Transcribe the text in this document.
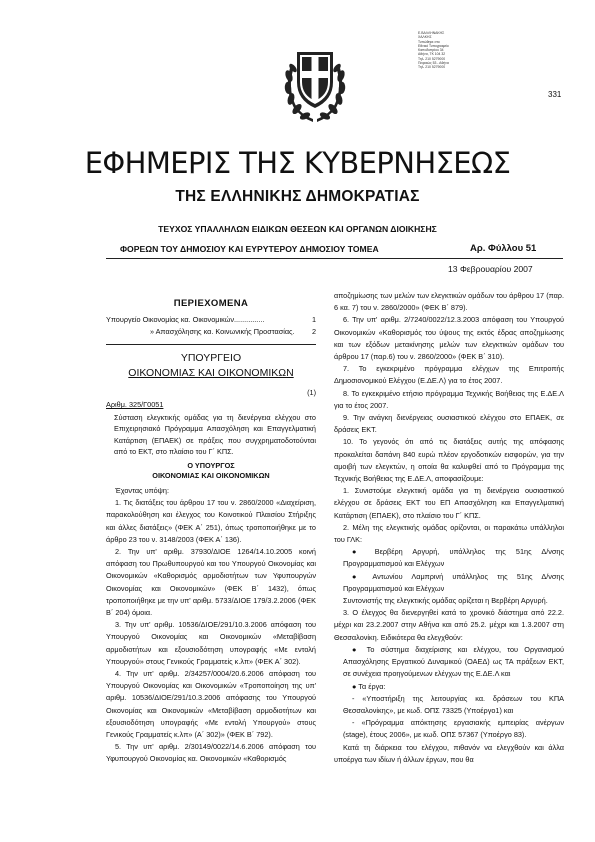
Ε.ΒΑΛΛΗΝΑΚΗΣ
ΧΑΛΚΗΣ
Τυπώθηκε στο
Εθνικό Τυπογραφείο
Καποδιστρίου 34
Αθήνα, ΤΚ 104 32
Τηλ. 210 5279000
Πειραιώς 53 - Αθήνα
Τηλ. 210 5279000
331
ΕΦΗΜΕΡΙΣ ΤΗΣ ΚΥΒΕΡΝΗΣΕΩΣ
ΤΗΣ ΕΛΛΗΝΙΚΗΣ ΔΗΜΟΚΡΑΤΙΑΣ
ΤΕΥΧΟΣ ΥΠΑΛΛΗΛΩΝ ΕΙΔΙΚΩΝ ΘΕΣΕΩΝ ΚΑΙ ΟΡΓΑΝΩΝ ΔΙΟΙΚΗΣΗΣ
ΦΟΡΕΩΝ ΤΟΥ ΔΗΜΟΣΙΟΥ ΚΑΙ ΕΥΡΥΤΕΡΟΥ ΔΗΜΟΣΙΟΥ ΤΟΜΕΑ	Αρ. Φύλλου 51
13 Φεβρουαρίου 2007
ΠΕΡΙΕΧΟΜΕΝΑ
Υπουργείο Οικονομίας κα. Οικονομικών ...............	1
» Απασχόλησης κα. Κοινωνικής Προστασίας .	2
ΥΠΟΥΡΓΕΙΟ
ΟΙΚΟΝΟΜΙΑΣ ΚΑΙ ΟΙΚΟΝΟΜΙΚΩΝ
(1)
Αριθμ. 325/Γ0051

Σύσταση ελεγκτικής ομάδας για τη διενέργεια ελέγχου στο Επιχειρησιακό Πρόγραμμα Απασχόληση και Επαγγελματική Κατάρτιση (ΕΠΑΕΚ) σε πράξεις που συγχρηματοδοτούνται από το ΕΚΤ, στο πλαίσιο του Γ΄ ΚΠΣ.

Ο ΥΠΟΥΡΓΟΣ
ΟΙΚΟΝΟΜΙΑΣ ΚΑΙ ΟΙΚΟΝΟΜΙΚΩΝ

Έχοντας υπόψη:

1. Τις διατάξεις του άρθρου 17 του ν. 2860/2000 «Διαχείριση, παρακολούθηση και έλεγχος του Κοινοτικού Πλαισίου Στήριξης και άλλες διατάξεις» (ΦΕΚ Α΄ 251), όπως τροποποιήθηκε με το άρθρο 23 του ν. 3148/2003 (ΦΕΚ Α΄ 136).

2. Την υπ' αριθμ. 37930/ΔΙΟΕ 1264/14.10.2005 κοινή απόφαση του Πρωθυπουργού και του Υπουργού Οικονομίας και Οικονομικών «Καθορισμός αρμοδιοτήτων των Υφυπουργών Οικονομίας και Οικονομικών» (ΦΕΚ Β΄ 1432), όπως τροποποιήθηκε με την υπ' αριθμ. 5733/ΔΙΟΕ 179/3.2.2006 (ΦΕΚ Β΄ 204) όμοια.

3. Την υπ' αριθμ. 10536/ΔΙΟΕ/291/10.3.2006 απόφαση του Υπουργού Οικονομίας και Οικονομικών «Μεταβίβαση αρμοδιοτήτων και εξουσιοδότηση υπογραφής «Με εντολή Υπουργού» στους Γενικούς Γραμματείς κ.λπ» (ΦΕΚ Α΄ 302).

4. Την υπ' αριθμ. 2/34257/0004/20.6.2006 απόφαση του Υπουργού Οικονομίας και Οικονομικών «Τροποποίηση της υπ' αριθμ. 10536/ΔΙΟΕ/291/10.3.2006 απόφασης του Υπουργού Οικονομίας και Οικονομικών «Μεταβίβαση αρμοδιοτήτων και εξουσιοδότηση υπογραφής «Με εντολή Υπουργού» στους Γενικούς Γραμματείς κ.λπ» (Α΄ 302)» (ΦΕΚ Β΄ 792).

5. Την υπ' αριθμ. 2/30149/0022/14.6.2006 απόφαση του Υφυπουργού Οικονομίας κα. Οικονομικών «Καθορισμός

αποζημίωσης των μελών των ελεγκτικών ομάδων του άρθρου 17 (παρ. 6 κα. 7) του ν. 2860/2000» (ΦΕΚ Β΄ 879).

6. Την υπ' αριθμ. 2/7240/0022/12.3.2003 απόφαση του Υπουργού Οικονομικών «Καθορισμός του ύψους της εκτός έδρας αποζημίωσης και των εξόδων μετακίνησης μελών των ελεγκτικών ομάδων του άρθρου 17 (παρ.6) του ν. 2860/2000» (ΦΕΚ Β΄ 310).

7. Το εγκεκριμένο πρόγραμμα ελέγχων της Επιτροπής Δημοσιονομικού Ελέγχου (Ε.ΔΕ.Λ) για το έτος 2007.

8. Το εγκεκριμένο ετήσιο πρόγραμμα Τεχνικής Βοήθειας της Ε.ΔΕ.Λ για το έτος 2007.

9. Την ανάγκη διενέργειας ουσιαστικού ελέγχου στο ΕΠΑΕΚ, σε δράσεις ΕΚΤ.

10. Το γεγονός ότι από τις διατάξεις αυτής της απόφασης προκαλείται δαπάνη 840 ευρώ πλέον εργοδοτικών εισφορών, για την αμοιβή των ελεγκτών, η οποία θα καλυφθεί από το Πρόγραμμα της Τεχνικής Βοήθειας της Ε.ΔΕ.Λ, αποφασίζουμε:

1. Συνιστούμε ελεγκτική ομάδα για τη διενέργεια ουσιαστικού ελέγχου σε δράσεις ΕΚΤ του ΕΠ Απασχόληση και Επαγγελματική Κατάρτιση (ΕΠΑΕΚ), στο πλαίσιο του Γ΄ ΚΠΣ.

2. Μέλη της ελεγκτικής ομάδας ορίζονται, οι παρακάτω υπάλληλοι του ΓΛΚ:

● Βερβέρη Αργυρή, υπάλληλος της 51ης Δ/νσης Προγραμματισμού και Ελέγχων

● Αντωνίου Λαμπρινή υπάλληλος της 51ης Δ/νσης Προγραμματισμού και Ελέγχων

Συντονιστής της ελεγκτικής ομάδας ορίζεται η Βερβέρη Αργυρή.

3. Ο έλεγχος θα διενεργηθεί κατά το χρονικό διάστημα από 22.2. μέχρι και 23.2.2007 στην Αθήνα και από 25.2. μέχρι και 1.3.2007 στη Θεσσαλονίκη. Ειδικότερα θα ελεγχθούν:

● Το σύστημα διαχείρισης και ελέγχου, του Οργανισμού Απασχόλησης Εργατικού Δυναμικού (ΟΑΕΔ) ως ΤΑ πράξεων ΕΚΤ, σε συνέχεια προηγούμενων ελέγχων της Ε.ΔΕ.Λ και

● Τα έργα:

- «Υποστήριξη της λειτουργίας κα. δράσεων του ΚΠΑ Θεσσαλονίκης», με κωδ. ΟΠΣ 73325 (Υποέργο1) και

- «Πρόγραμμα απόκτησης εργασιακής εμπειρίας ανέργων (stage), έτους 2006», με κωδ. ΟΠΣ 57367 (Υποέργο 83).

Κατά τη διάρκεια του ελέγχου, πιθανόν να ελεγχθούν και άλλα υποέργα των ιδίων ή άλλων έργων, που θα
